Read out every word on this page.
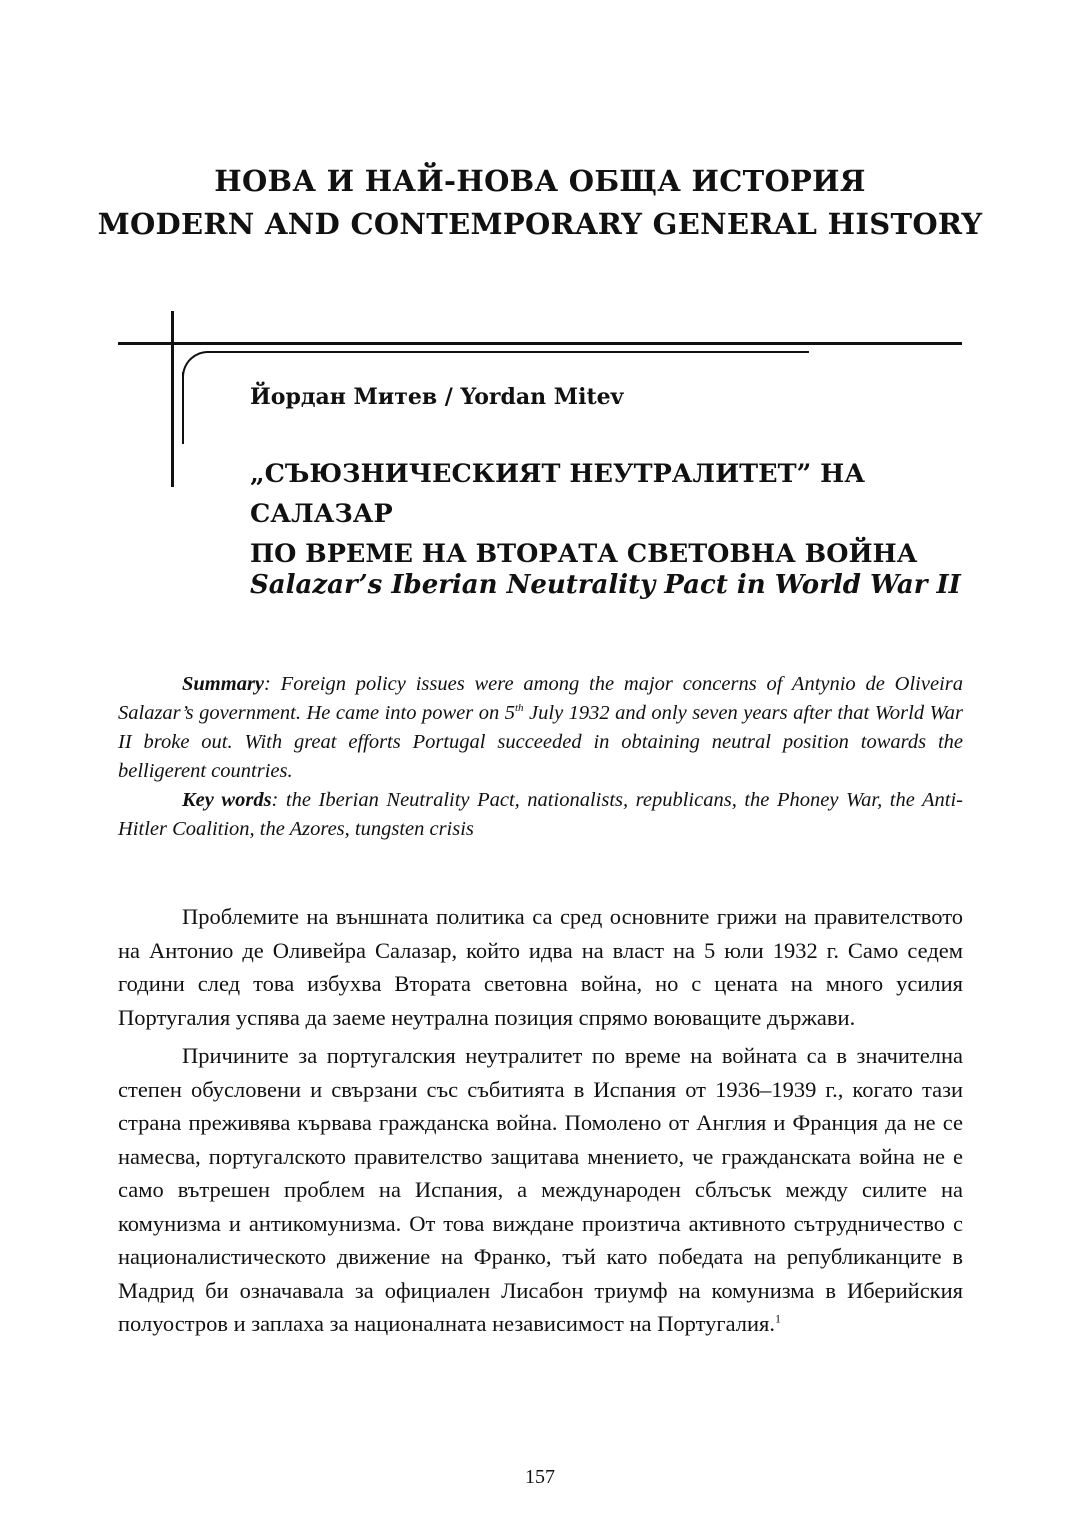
НОВА И НАЙ-НОВА ОБЩА ИСТОРИЯ
MODERN AND CONTEMPORARY GENERAL HISTORY
Йордан Митев / Yordan Mitev
„СЪЮЗНИЧЕСКИЯТ НЕУТРАЛИТЕТ” НА САЛАЗАР
ПО ВРЕМЕ НА ВТОРАТА СВЕТОВНА ВОЙНА
Salazar’s Iberian Neutrality Pact in World War II

Summary: Foreign policy issues were among the major concerns of Antynio de Oliveira Salazar’s government. He came into power on 5th July 1932 and only seven years after that World War II broke out. With great efforts Portugal succeeded in obtaining neutral position towards the belligerent countries.

Key words: the Iberian Neutrality Pact, nationalists, republicans, the Phoney War, the Anti-Hitler Coalition, the Azores, tungsten crisis

Проблемите на външната политика са сред основните грижи на правителството на Антонио де Оливейра Салазар, който идва на власт на 5 юли 1932 г. Само седем години след това избухва Втората световна война, но с цената на много усилия Португалия успява да заеме неутрална позиция спрямо воюващите държави.

Причините за португалския неутралитет по време на войната са в значителна степен обусловени и свързани със събитията в Испания от 1936–1939 г., когато тази страна преживява кървава гражданска война. Помолено от Англия и Франция да не се намесва, португалското правителство защитава мнението, че гражданската война не е само вътрешен проблем на Испания, а международен сблъсък между силите на комунизма и антикомунизма. От това виждане произтича активното сътрудничество с националистическото движение на Франко, тъй като победата на републиканците в Мадрид би означавала за официален Лисабон триумф на комунизма в Иберийския полуостров и заплаха за националната независимост на Португалия.$^1$

157
